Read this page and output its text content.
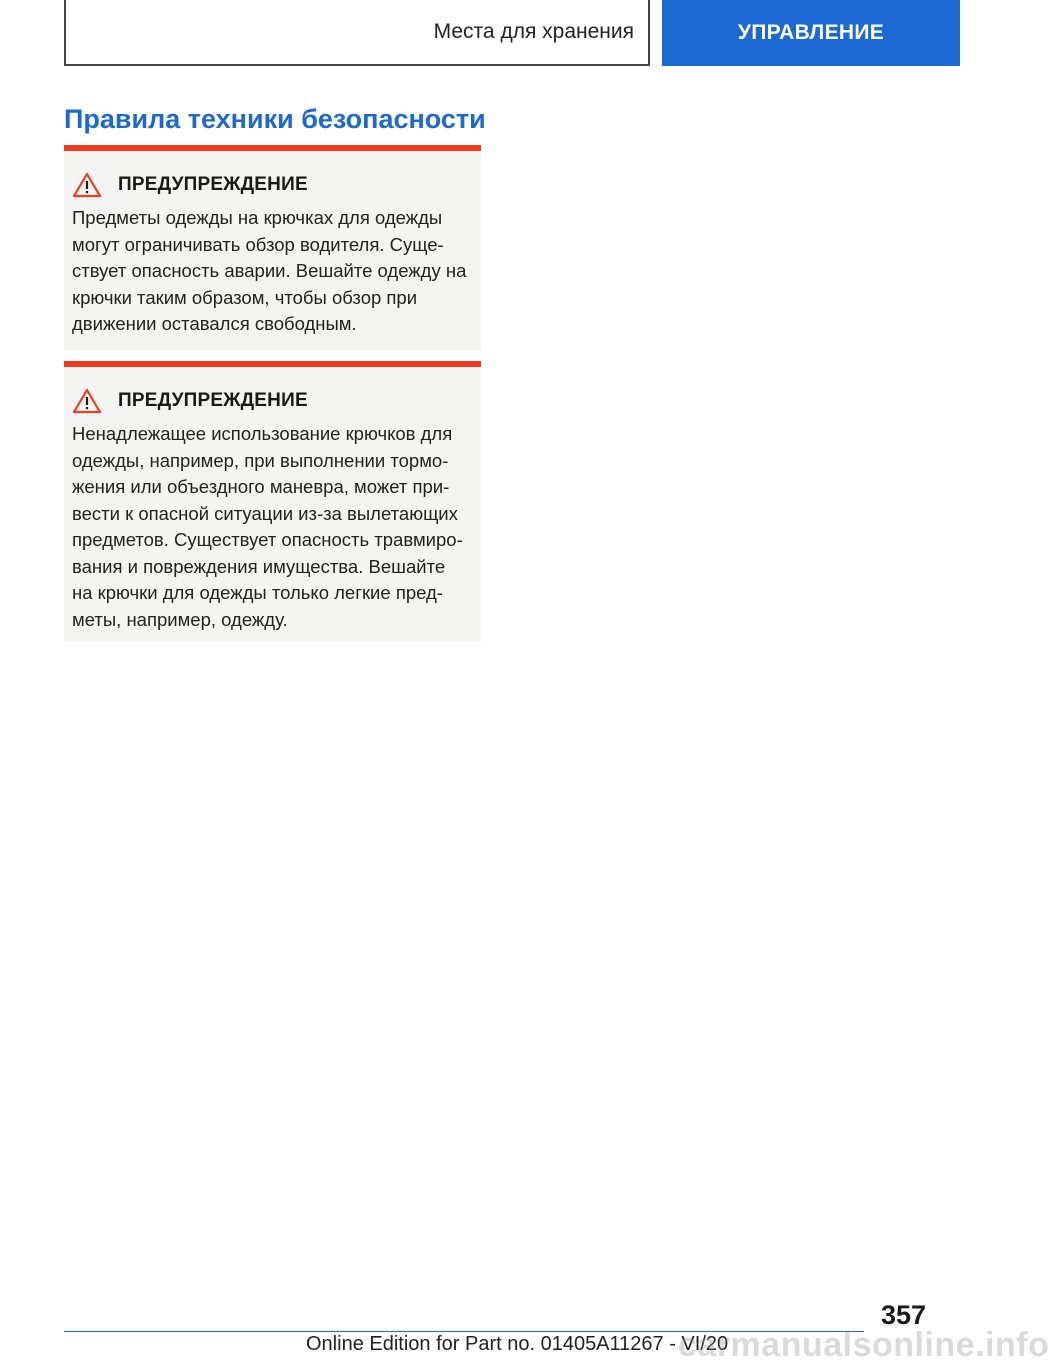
Места для хранения	УПРАВЛЕНИЕ
Правила техники безопасности
ПРЕДУПРЕЖДЕНИЕ

Предметы одежды на крючках для одежды

могут ограничивать обзор водителя. Суще-

ствует опасность аварии. Вешайте одежду на

крючки таким образом, чтобы обзор при

движении оставался свободным.

ПРЕДУПРЕЖДЕНИЕ

Ненадлежащее использование крючков для

одежды, например, при выполнении тормо-

жения или объездного маневра, может при-

вести к опасной ситуации из-за вылетающих

предметов. Существует опасность травмиро-

вания и повреждения имущества. Вешайте

на крючки для одежды только легкие пред-

меты, например, одежду.

357
Online Edition for Part no. 01405A11267 - VI/20
carmanualsonline.info
